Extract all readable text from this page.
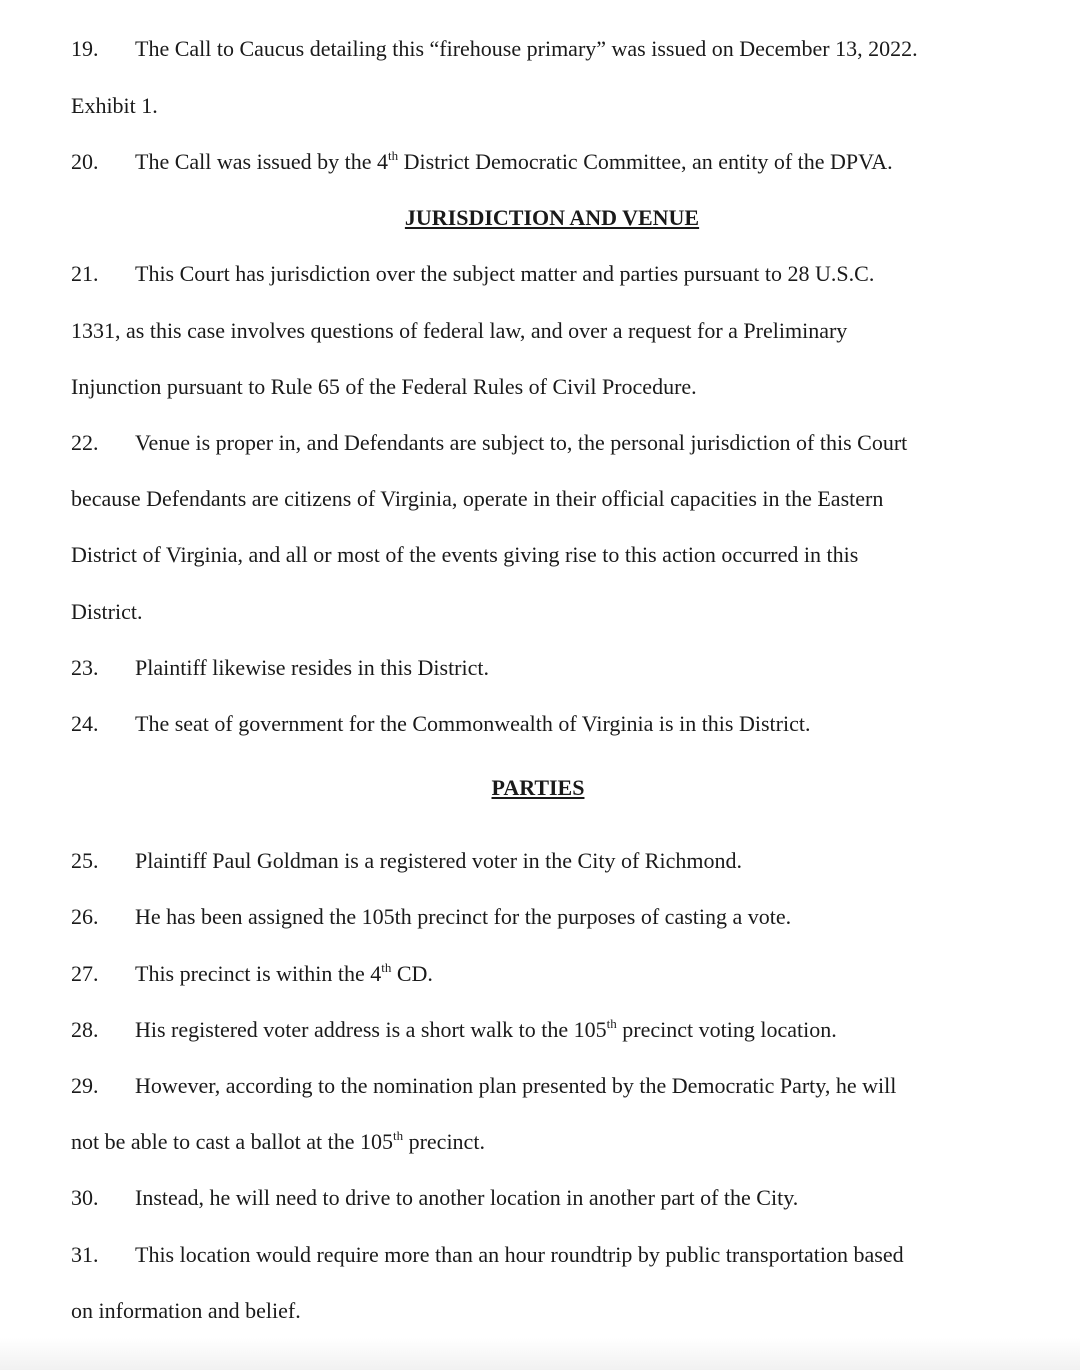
19. The Call to Caucus detailing this “firehouse primary” was issued on December 13, 2022.
Exhibit 1.
20. The Call was issued by the 4th District Democratic Committee, an entity of the DPVA.
JURISDICTION AND VENUE
21. This Court has jurisdiction over the subject matter and parties pursuant to 28 U.S.C.
1331, as this case involves questions of federal law, and over a request for a Preliminary
Injunction pursuant to Rule 65 of the Federal Rules of Civil Procedure.
22. Venue is proper in, and Defendants are subject to, the personal jurisdiction of this Court
because Defendants are citizens of Virginia, operate in their official capacities in the Eastern
District of Virginia, and all or most of the events giving rise to this action occurred in this
District.
23. Plaintiff likewise resides in this District.
24. The seat of government for the Commonwealth of Virginia is in this District.
PARTIES
25. Plaintiff Paul Goldman is a registered voter in the City of Richmond.
26. He has been assigned the 105th precinct for the purposes of casting a vote.
27. This precinct is within the 4th CD.
28. His registered voter address is a short walk to the 105th precinct voting location.
29. However, according to the nomination plan presented by the Democratic Party, he will
not be able to cast a ballot at the 105th precinct.
30. Instead, he will need to drive to another location in another part of the City.
31. This location would require more than an hour roundtrip by public transportation based
on information and belief.
